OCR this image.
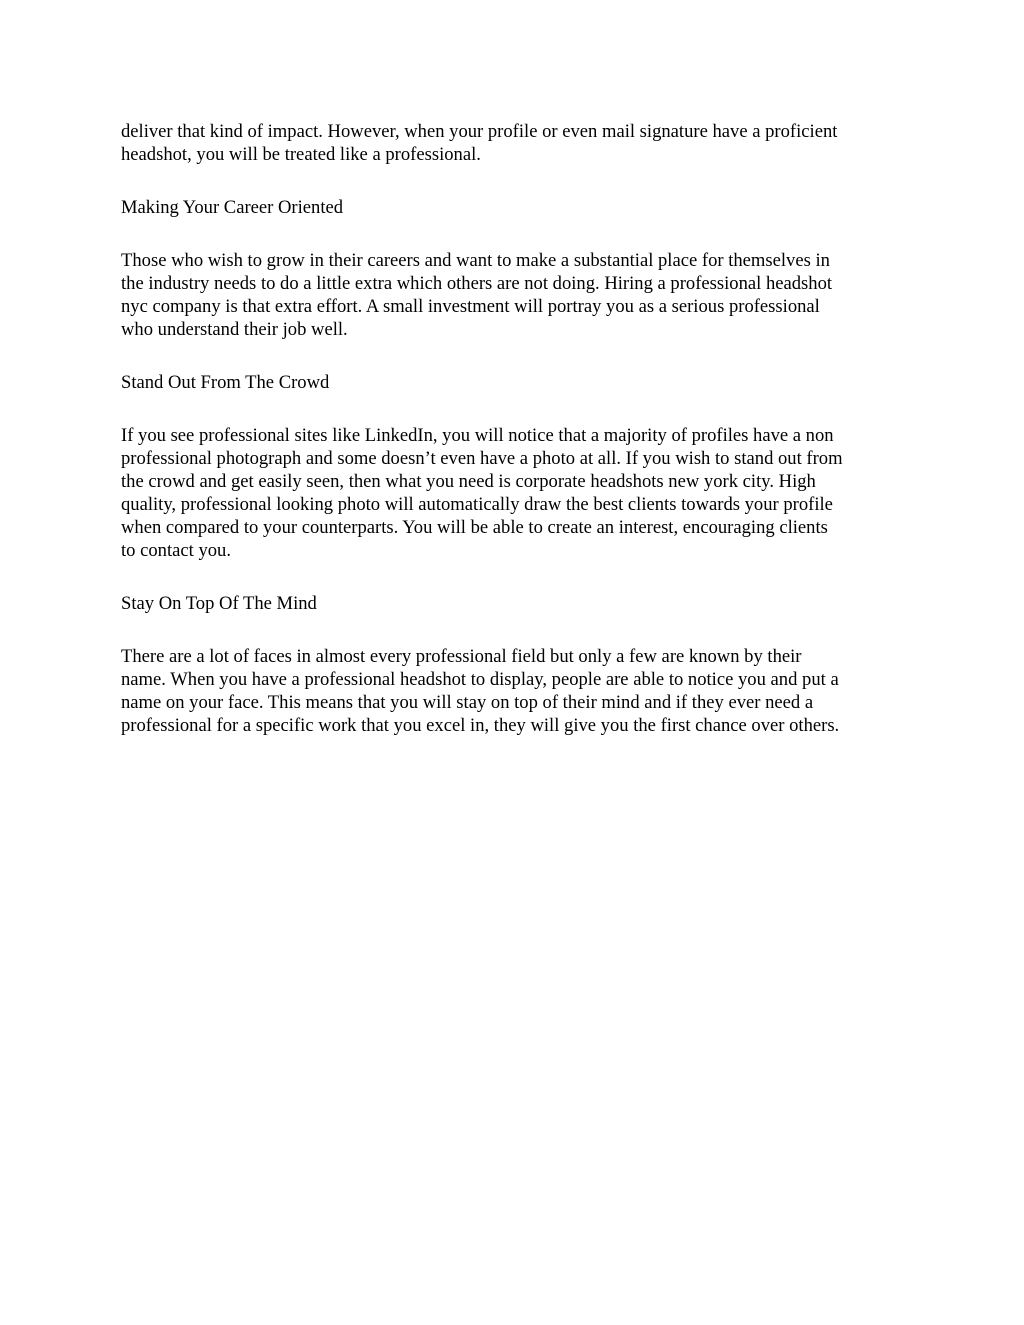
deliver that kind of impact. However, when your profile or even mail signature have a proficient
headshot, you will be treated like a professional.
Making Your Career Oriented
Those who wish to grow in their careers and want to make a substantial place for themselves in
the industry needs to do a little extra which others are not doing. Hiring a professional headshot
nyc company is that extra effort. A small investment will portray you as a serious professional
who understand their job well.
Stand Out From The Crowd
If you see professional sites like LinkedIn, you will notice that a majority of profiles have a non
professional photograph and some doesn’t even have a photo at all. If you wish to stand out from
the crowd and get easily seen, then what you need is corporate headshots new york city. High
quality, professional looking photo will automatically draw the best clients towards your profile
when compared to your counterparts. You will be able to create an interest, encouraging clients
to contact you.
Stay On Top Of The Mind
There are a lot of faces in almost every professional field but only a few are known by their
name. When you have a professional headshot to display, people are able to notice you and put a
name on your face. This means that you will stay on top of their mind and if they ever need a
professional for a specific work that you excel in, they will give you the first chance over others.
